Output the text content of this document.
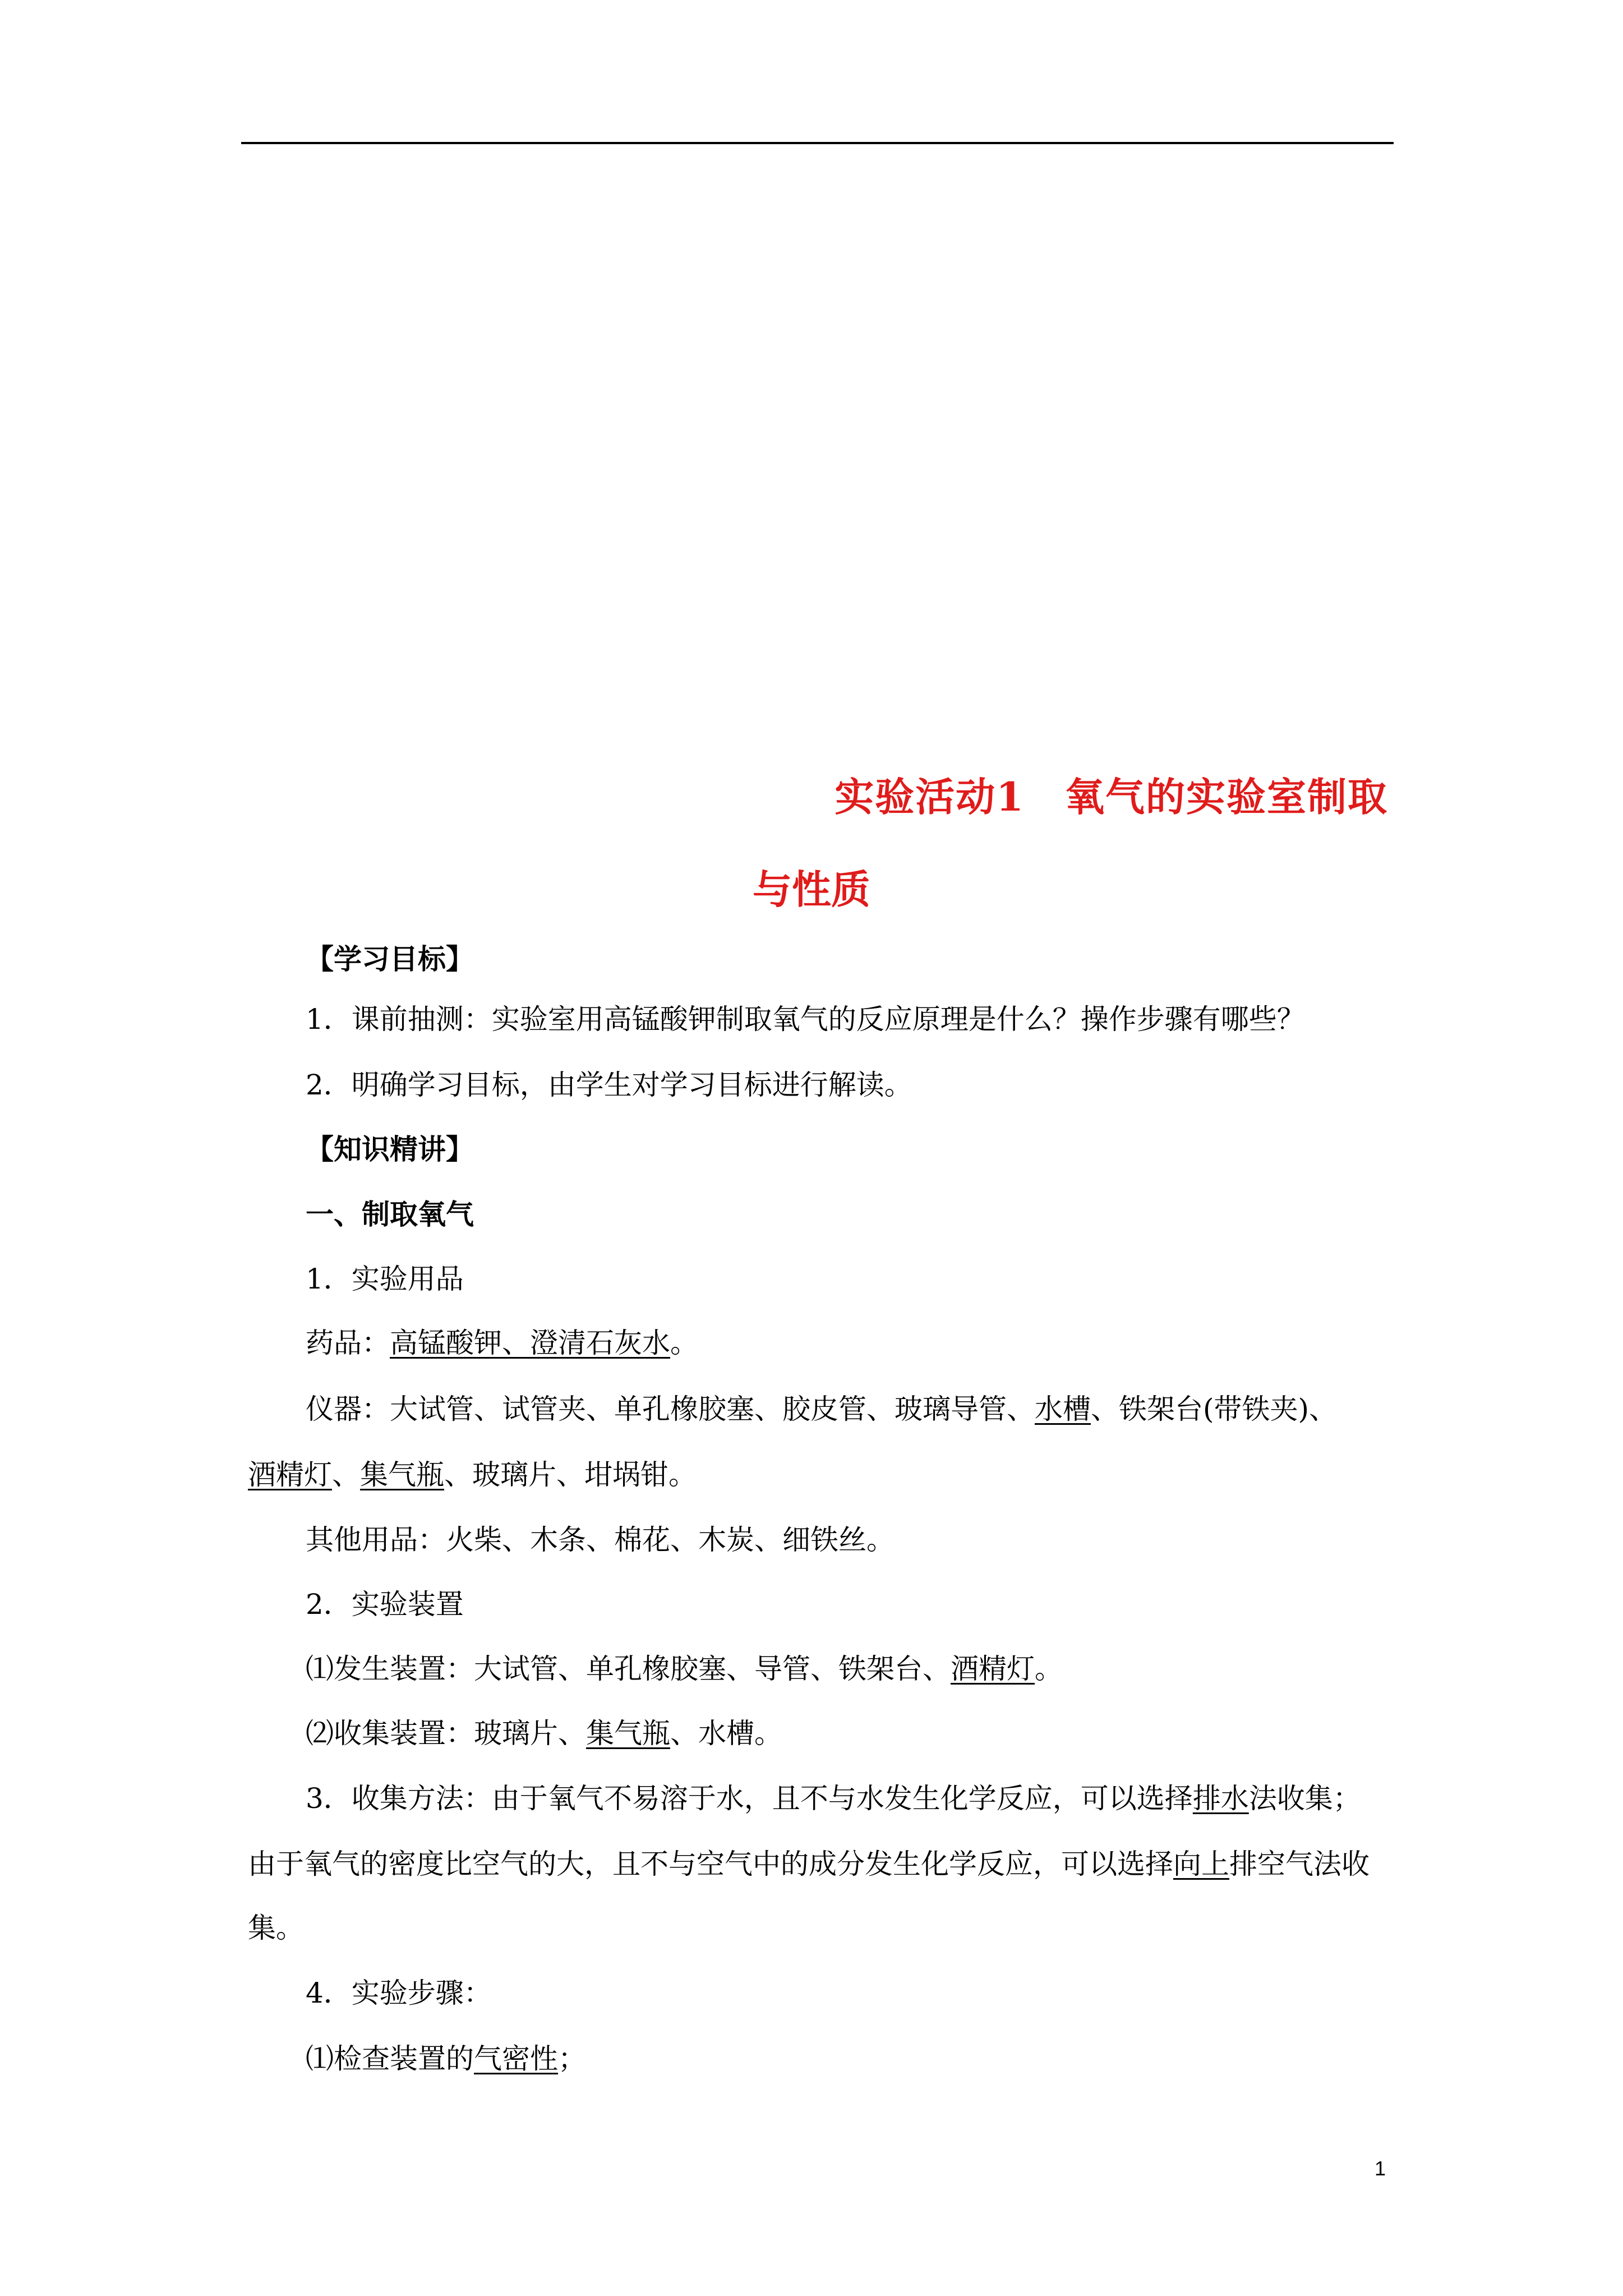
实验活动1　氧气的实验室制取
与性质
【学习目标】
1．课前抽测：实验室用高锰酸钾制取氧气的反应原理是什么？操作步骤有哪些？
2．明确学习目标，由学生对学习目标进行解读。
【知识精讲】
一、制取氧气
1．实验用品
药品：高锰酸钾、澄清石灰水。
仪器：大试管、试管夹、单孔橡胶塞、胶皮管、玻璃导管、水槽、铁架台(带铁夹)、
酒精灯、集气瓶、玻璃片、坩埚钳。
其他用品：火柴、木条、棉花、木炭、细铁丝。
2．实验装置
⑴发生装置：大试管、单孔橡胶塞、导管、铁架台、酒精灯。
⑵收集装置：玻璃片、集气瓶、水槽。
3．收集方法：由于氧气不易溶于水，且不与水发生化学反应，可以选择排水法收集；
由于氧气的密度比空气的大，且不与空气中的成分发生化学反应，可以选择向上排空气法收
集。
4．实验步骤：
⑴检查装置的气密性；
1
